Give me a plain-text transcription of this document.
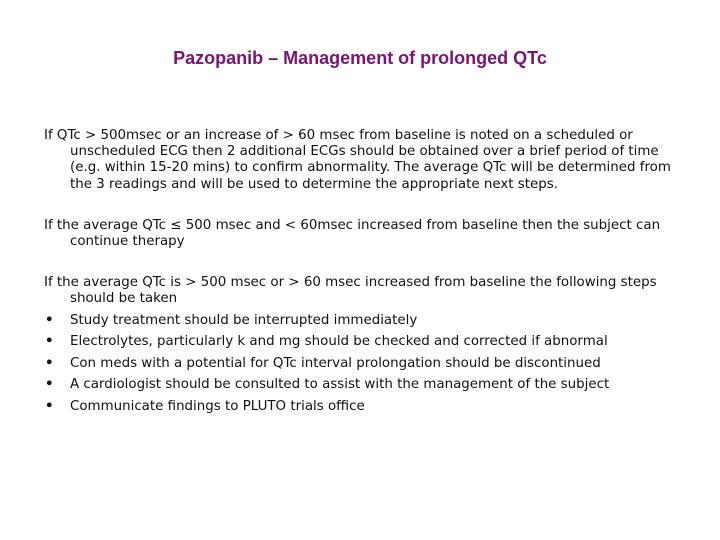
Pazopanib – Management of prolonged QTc

If QTc > 500msec or an increase of > 60 msec from baseline is noted on a scheduled or unscheduled ECG then 2 additional ECGs should be obtained over a brief period of time (e.g. within 15-20 mins) to confirm abnormality. The average QTc will be determined from the 3 readings and will be used to determine the appropriate next steps.

If the average QTc ≤ 500 msec and < 60msec increased from baseline then the subject can continue therapy

If the average QTc is > 500 msec or > 60 msec increased from baseline the following steps should be taken

• Study treatment should be interrupted immediately
• Electrolytes, particularly k and mg should be checked and corrected if abnormal
• Con meds with a potential for QTc interval prolongation should be discontinued
• A cardiologist should be consulted to assist with the management of the subject
• Communicate findings to PLUTO trials office
